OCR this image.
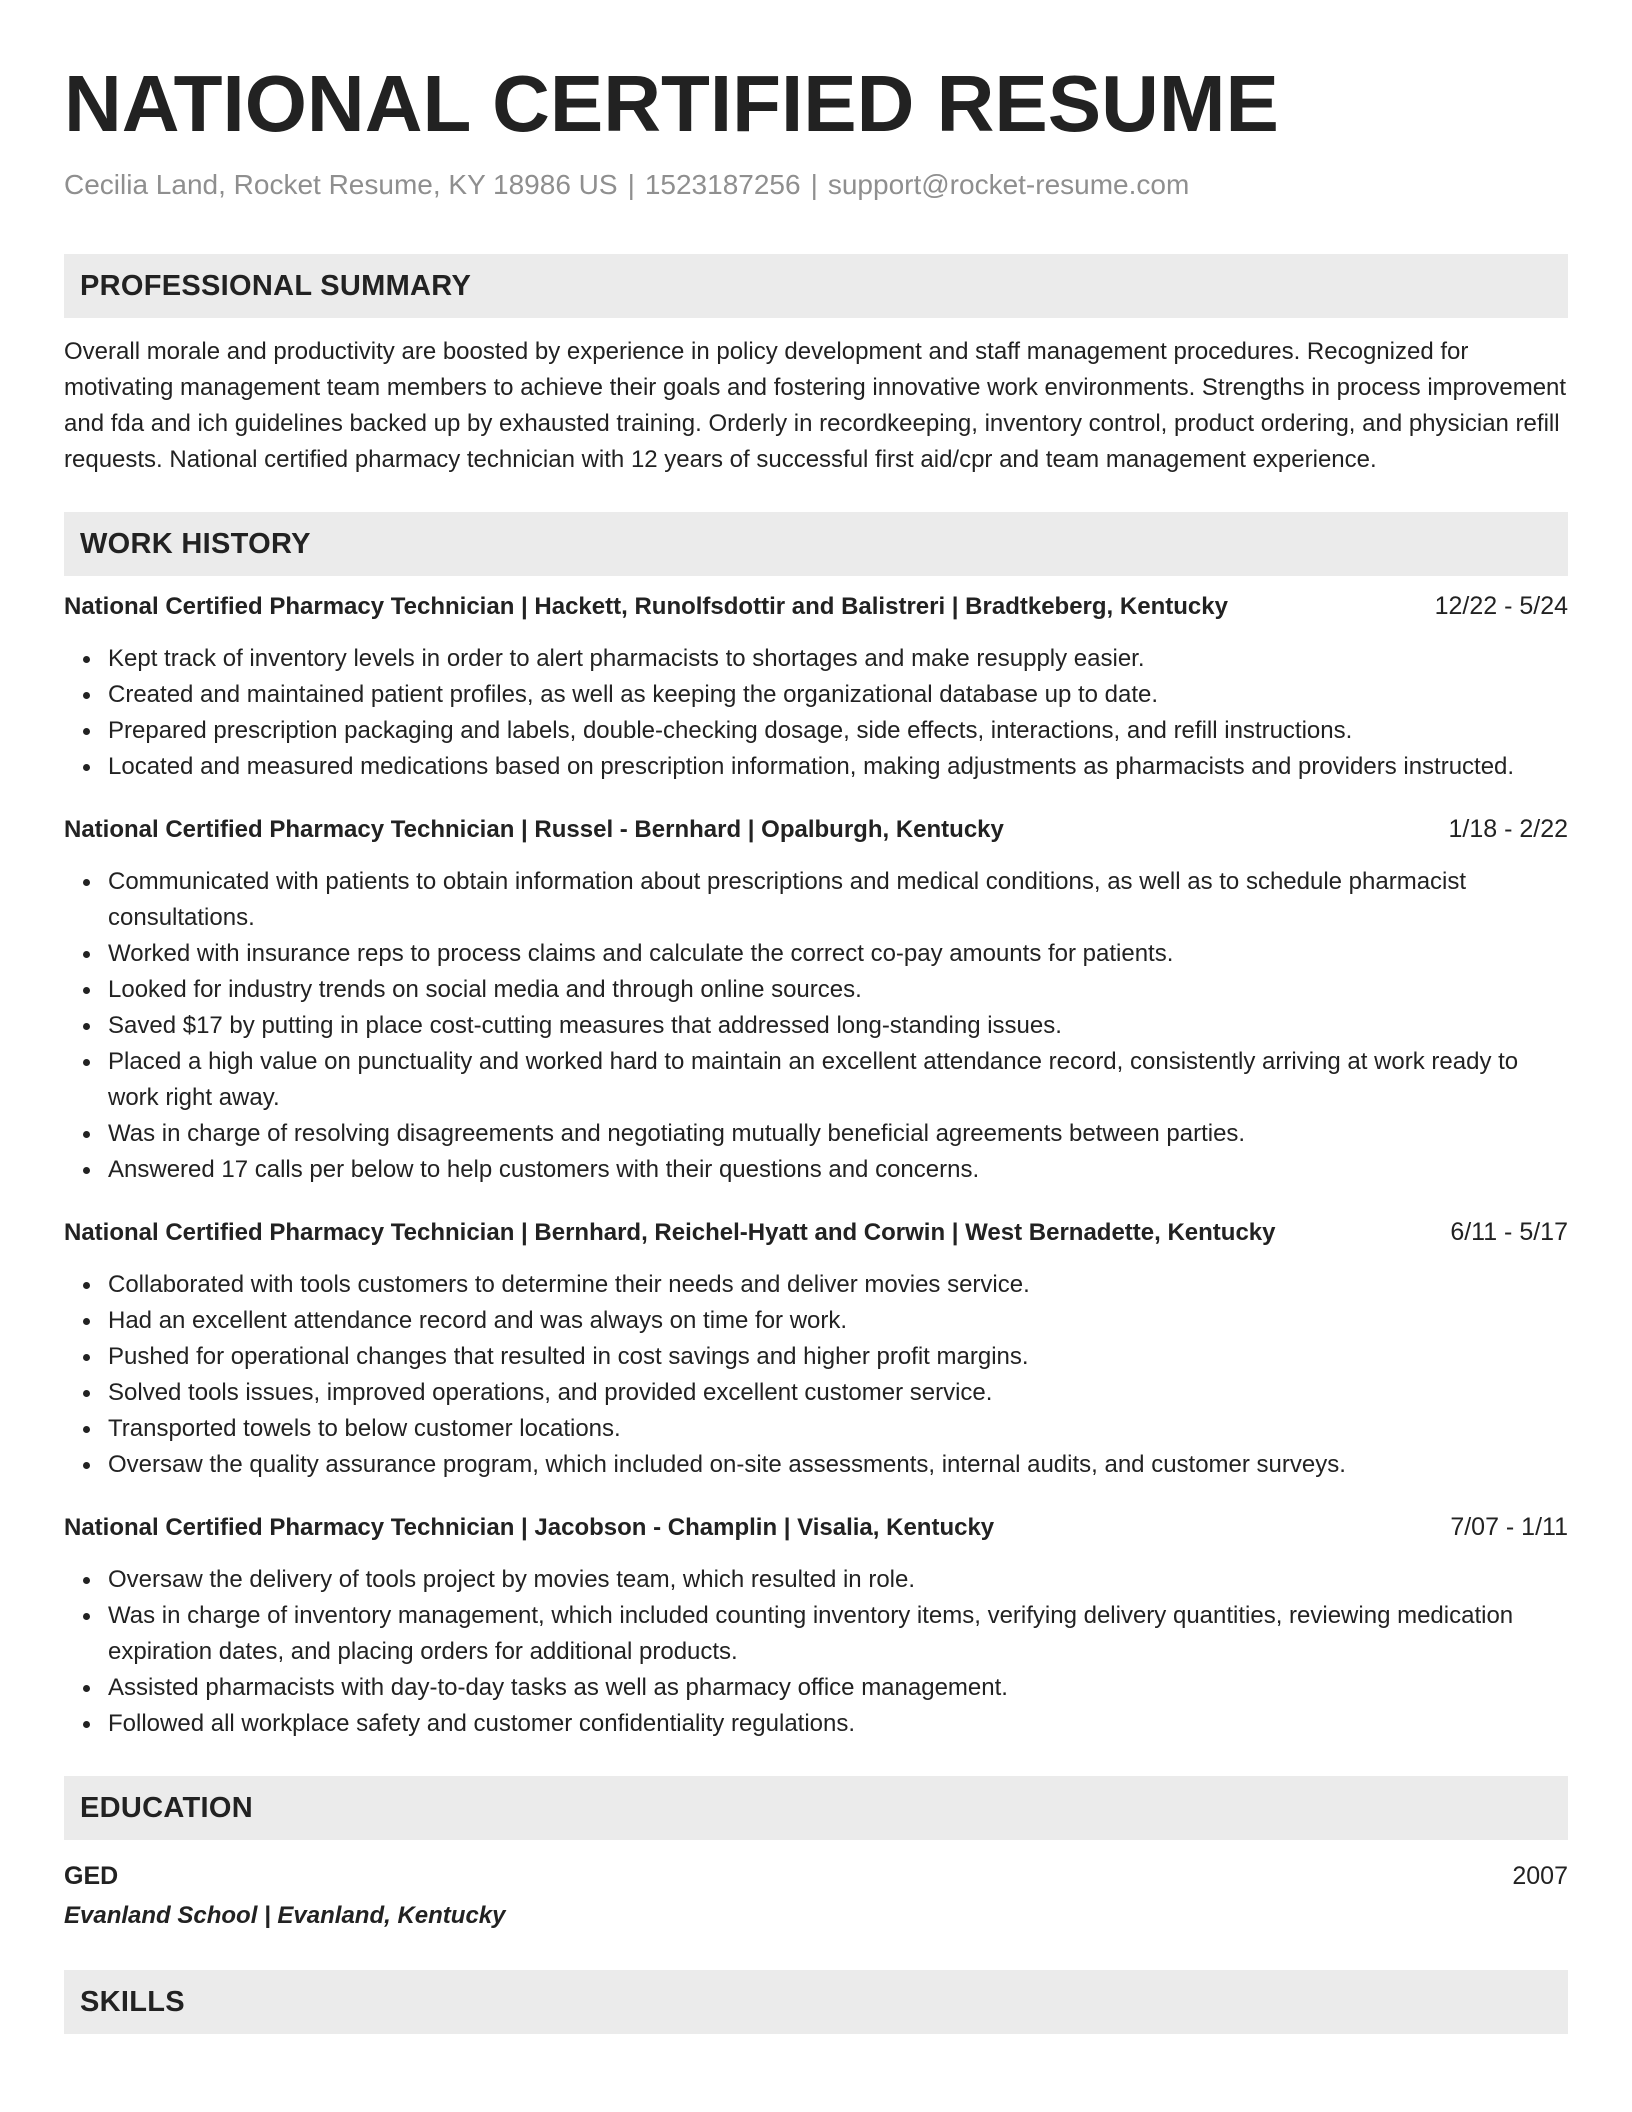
NATIONAL CERTIFIED RESUME
Cecilia Land, Rocket Resume, KY 18986 US | 1523187256 | support@rocket-resume.com
PROFESSIONAL SUMMARY

Overall morale and productivity are boosted by experience in policy development and staff management procedures. Recognized for motivating management team members to achieve their goals and fostering innovative work environments. Strengths in process improvement and fda and ich guidelines backed up by exhausted training. Orderly in recordkeeping, inventory control, product ordering, and physician refill requests. National certified pharmacy technician with 12 years of successful first aid/cpr and team management experience.

WORK HISTORY
National Certified Pharmacy Technician | Hackett, Runolfsdottir and Balistreri | Bradtkeberg, Kentucky	12/22 - 5/24
Kept track of inventory levels in order to alert pharmacists to shortages and make resupply easier.
Created and maintained patient profiles, as well as keeping the organizational database up to date.
Prepared prescription packaging and labels, double-checking dosage, side effects, interactions, and refill instructions.
Located and measured medications based on prescription information, making adjustments as pharmacists and providers instructed.
National Certified Pharmacy Technician | Russel - Bernhard | Opalburgh, Kentucky	1/18 - 2/22
Communicated with patients to obtain information about prescriptions and medical conditions, as well as to schedule pharmacist consultations.
Worked with insurance reps to process claims and calculate the correct co-pay amounts for patients.
Looked for industry trends on social media and through online sources.
Saved $17 by putting in place cost-cutting measures that addressed long-standing issues.
Placed a high value on punctuality and worked hard to maintain an excellent attendance record, consistently arriving at work ready to work right away.
Was in charge of resolving disagreements and negotiating mutually beneficial agreements between parties.
Answered 17 calls per below to help customers with their questions and concerns.
National Certified Pharmacy Technician | Bernhard, Reichel-Hyatt and Corwin | West Bernadette, Kentucky	6/11 - 5/17
Collaborated with tools customers to determine their needs and deliver movies service.
Had an excellent attendance record and was always on time for work.
Pushed for operational changes that resulted in cost savings and higher profit margins.
Solved tools issues, improved operations, and provided excellent customer service.
Transported towels to below customer locations.
Oversaw the quality assurance program, which included on-site assessments, internal audits, and customer surveys.
National Certified Pharmacy Technician | Jacobson - Champlin | Visalia, Kentucky	7/07 - 1/11
Oversaw the delivery of tools project by movies team, which resulted in role.
Was in charge of inventory management, which included counting inventory items, verifying delivery quantities, reviewing medication expiration dates, and placing orders for additional products.
Assisted pharmacists with day-to-day tasks as well as pharmacy office management.
Followed all workplace safety and customer confidentiality regulations.
EDUCATION
GED	2007
Evanland School | Evanland, Kentucky
SKILLS
